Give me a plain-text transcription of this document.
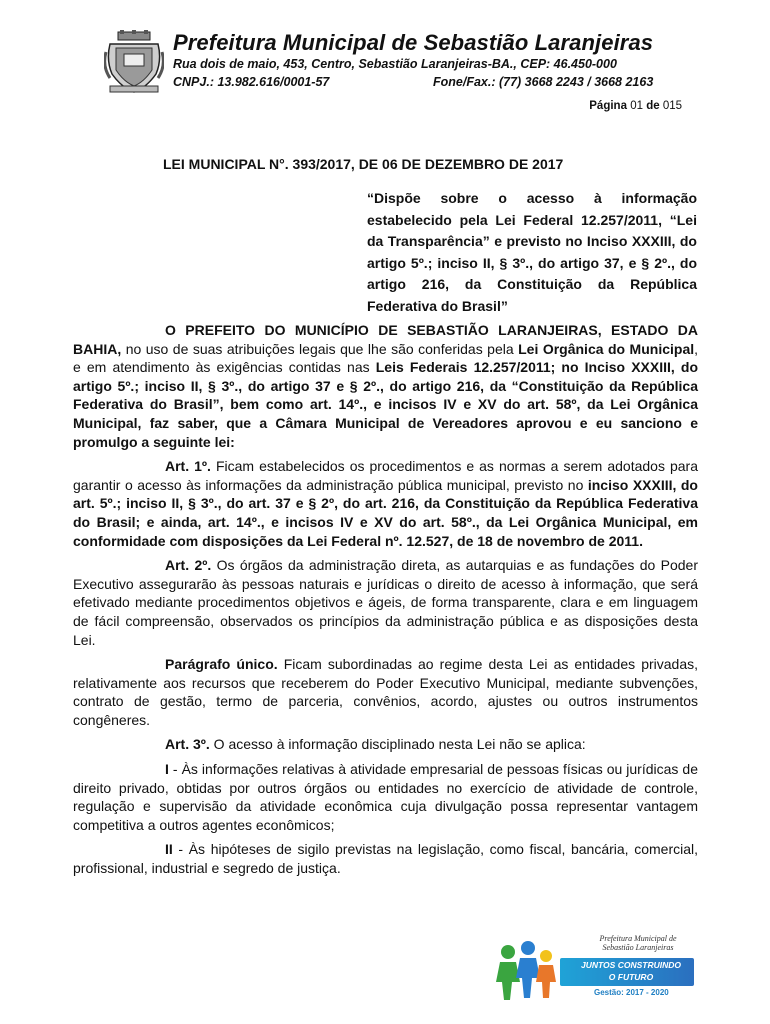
Prefeitura Municipal de Sebastião Laranjeiras
Rua dois de maio, 453, Centro, Sebastião Laranjeiras-BA., CEP: 46.450-000
CNPJ.: 13.982.616/0001-57	Fone/Fax.: (77) 3668 2243 / 3668 2163
Página 01 de 015
LEI MUNICIPAL N°. 393/2017, DE 06 DE DEZEMBRO DE 2017
“Dispõe sobre o acesso à informação estabelecido pela Lei Federal 12.257/2011, “Lei da Transparência” e previsto no Inciso XXXIII, do artigo 5º.; inciso II, § 3º., do artigo 37, e § 2º., do artigo 216, da Constituição da República Federativa do Brasil”

O PREFEITO DO MUNICÍPIO DE SEBASTIÃO LARANJEIRAS, ESTADO DA BAHIA, no uso de suas atribuições legais que lhe são conferidas pela Lei Orgânica do Municipal, e em atendimento às exigências contidas nas Leis Federais 12.257/2011; no Inciso XXXIII, do artigo 5º.; inciso II, § 3º., do artigo 37 e § 2º., do artigo 216, da “Constituição da República Federativa do Brasil”, bem como art. 14º., e incisos IV e XV do art. 58º, da Lei Orgânica Municipal, faz saber, que a Câmara Municipal de Vereadores aprovou e eu sanciono e promulgo a seguinte lei:

Art. 1º. Ficam estabelecidos os procedimentos e as normas a serem adotados para garantir o acesso às informações da administração pública municipal, previsto no inciso XXXIII, do art. 5º.; inciso II, § 3º., do art. 37 e § 2º, do art. 216, da Constituição da República Federativa do Brasil; e ainda, art. 14º., e incisos IV e XV do art. 58º., da Lei Orgânica Municipal, em conformidade com disposições da Lei Federal nº. 12.527, de 18 de novembro de 2011.

Art. 2º. Os órgãos da administração direta, as autarquias e as fundações do Poder Executivo assegurarão às pessoas naturais e jurídicas o direito de acesso à informação, que será efetivado mediante procedimentos objetivos e ágeis, de forma transparente, clara e em linguagem de fácil compreensão, observados os princípios da administração pública e as disposições desta Lei.

Parágrafo único. Ficam subordinadas ao regime desta Lei as entidades privadas, relativamente aos recursos que receberem do Poder Executivo Municipal, mediante subvenções, contrato de gestão, termo de parceria, convênios, acordo, ajustes ou outros instrumentos congêneres.

Art. 3º. O acesso à informação disciplinado nesta Lei não se aplica:

I - Às informações relativas à atividade empresarial de pessoas físicas ou jurídicas de direito privado, obtidas por outros órgãos ou entidades no exercício de atividade de controle, regulação e supervisão da atividade econômica cuja divulgação possa representar vantagem competitiva a outros agentes econômicos;

II - Às hipóteses de sigilo previstas na legislação, como fiscal, bancária, comercial, profissional, industrial e segredo de justiça.

Prefeitura Municipal de Sebastião Laranjeiras
JUNTOS CONSTRUINDO
O FUTURO
Gestão: 2017 - 2020
